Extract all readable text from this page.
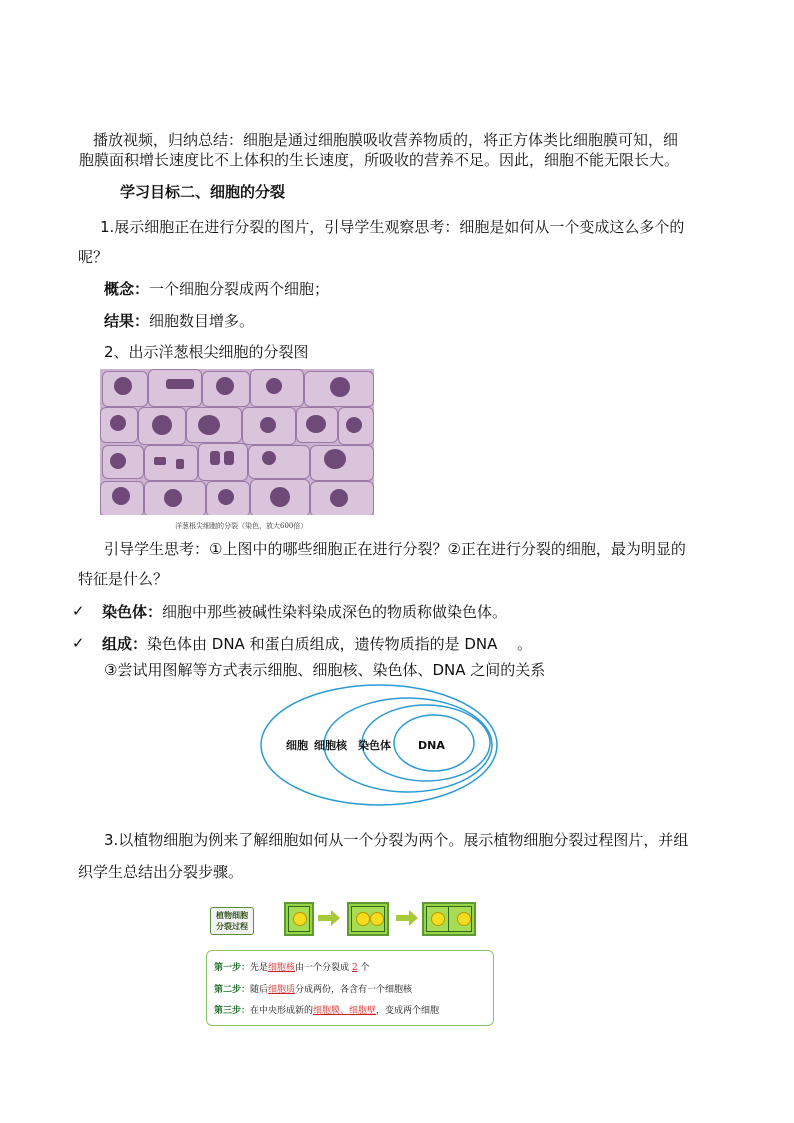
播放视频，归纳总结：细胞是通过细胞膜吸收营养物质的，将正方体类比细胞膜可知，细
胞膜面积增长速度比不上体积的生长速度，所吸收的营养不足。因此，细胞不能无限长大。
学习目标二、细胞的分裂
1.展示细胞正在进行分裂的图片，引导学生观察思考：细胞是如何从一个变成这么多个的
呢？
概念：一个细胞分裂成两个细胞；
结果：细胞数目增多。
2、出示洋葱根尖细胞的分裂图
洋葱根尖细胞的分裂（染色，放大600倍）
引导学生思考：①上图中的哪些细胞正在进行分裂？②正在进行分裂的细胞，最为明显的
特征是什么？
✓ 染色体：细胞中那些被碱性染料染成深色的物质称做染色体。
✓ 组成：染色体由 DNA 和蛋白质组成，遗传物质指的是 DNA　 。
③尝试用图解等方式表示细胞、细胞核、染色体、DNA 之间的关系
细胞 细胞核 染色体 DNA
3.以植物细胞为例来了解细胞如何从一个分裂为两个。展示植物细胞分裂过程图片，并组
织学生总结出分裂步骤。
植物细胞
分裂过程
第一步：先是细胞核由一个分裂成 2 个
第二步：随后细胞质分成两份，各含有一个细胞核
第三步：在中央形成新的细胞膜、细胞壁，变成两个细胞
